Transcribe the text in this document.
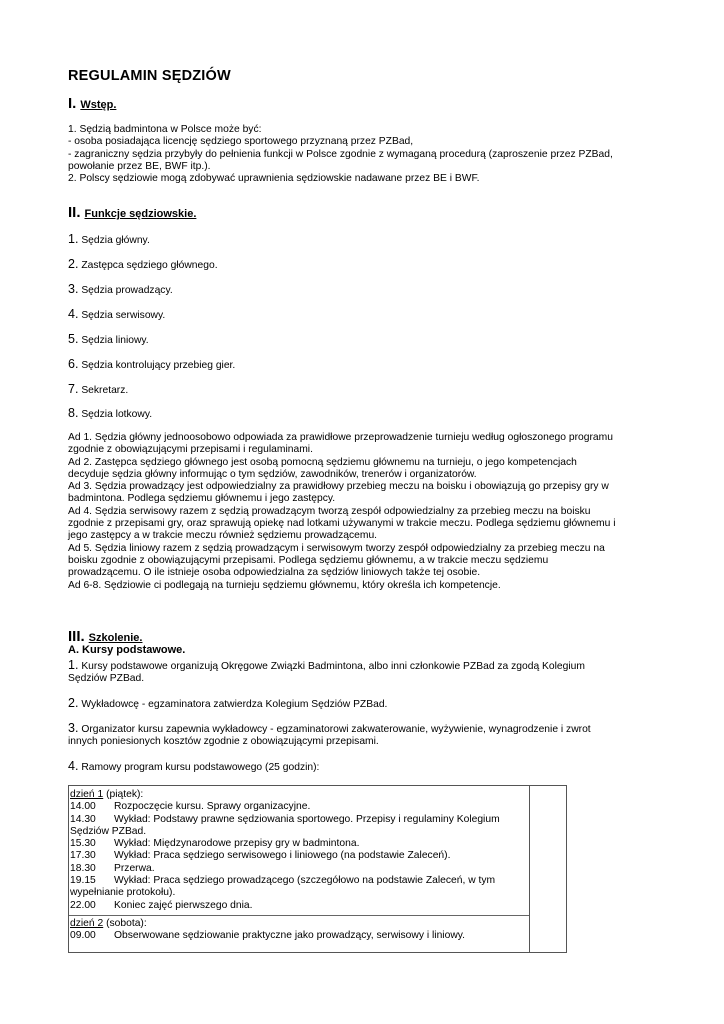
REGULAMIN SĘDZIÓW
I. Wstęp.
1. Sędzią badmintona w Polsce może być:
- osoba posiadająca licencję sędziego sportowego przyznaną przez PZBad,
- zagraniczny sędzia przybyły do pełnienia funkcji w Polsce zgodnie z wymaganą procedurą (zaproszenie przez PZBad,
powołanie przez BE, BWF itp.).
2. Polscy sędziowie mogą zdobywać uprawnienia sędziowskie nadawane przez BE i BWF.
II. Funkcje sędziowskie.
1. Sędzia główny.
2. Zastępca sędziego głównego.
3. Sędzia prowadzący.
4. Sędzia serwisowy.
5. Sędzia liniowy.
6. Sędzia kontrolujący przebieg gier.
7. Sekretarz.
8. Sędzia lotkowy.
Ad 1. Sędzia główny jednoosobowo odpowiada za prawidłowe przeprowadzenie turnieju według ogłoszonego programu
zgodnie z obowiązującymi przepisami i regulaminami.
Ad 2. Zastępca sędziego głównego jest osobą pomocną sędziemu głównemu na turnieju, o jego kompetencjach
decyduje sędzia główny informując o tym sędziów, zawodników, trenerów i organizatorów.
Ad 3. Sędzia prowadzący jest odpowiedzialny za prawidłowy przebieg meczu na boisku i obowiązują go przepisy gry w
badmintona. Podlega sędziemu głównemu i jego zastępcy.
Ad 4. Sędzia serwisowy razem z sędzią prowadzącym tworzą zespół odpowiedzialny za przebieg meczu na boisku
zgodnie z przepisami gry, oraz sprawują opiekę nad lotkami używanymi w trakcie meczu. Podlega sędziemu głównemu i
jego zastępcy a w trakcie meczu również sędziemu prowadzącemu.
Ad 5. Sędzia liniowy razem z sędzią prowadzącym i serwisowym tworzy zespół odpowiedzialny za przebieg meczu na
boisku zgodnie z obowiązującymi przepisami. Podlega sędziemu głównemu, a w trakcie meczu sędziemu
prowadzącemu. O ile istnieje osoba odpowiedzialna za sędziów liniowych także tej osobie.
Ad 6-8. Sędziowie ci podlegają na turnieju sędziemu głównemu, który określa ich kompetencje.
III. Szkolenie.
A. Kursy podstawowe.
1. Kursy podstawowe organizują Okręgowe Związki Badmintona, albo inni członkowie PZBad za zgodą Kolegium
Sędziów PZBad.
2. Wykładowcę - egzaminatora zatwierdza Kolegium Sędziów PZBad.
3. Organizator kursu zapewnia wykładowcy - egzaminatorowi zakwaterowanie, wyżywienie, wynagrodzenie i zwrot
innych poniesionych kosztów zgodnie z obowiązującymi przepisami.
4. Ramowy program kursu podstawowego (25 godzin):
dzień 1 (piątek):
14.00 Rozpoczęcie kursu. Sprawy organizacyjne.
14.30 Wykład: Podstawy prawne sędziowania sportowego. Przepisy i regulaminy Kolegium
Sędziów PZBad.
15.30 Wykład: Międzynarodowe przepisy gry w badmintona.
17.30 Wykład: Praca sędziego serwisowego i liniowego (na podstawie Zaleceń).
18.30 Przerwa.
19.15 Wykład: Praca sędziego prowadzącego (szczegółowo na podstawie Zaleceń, w tym
wypełnianie protokołu).
22.00 Koniec zajęć pierwszego dnia.
dzień 2 (sobota):
09.00 Obserwowane sędziowanie praktyczne jako prowadzący, serwisowy i liniowy.
